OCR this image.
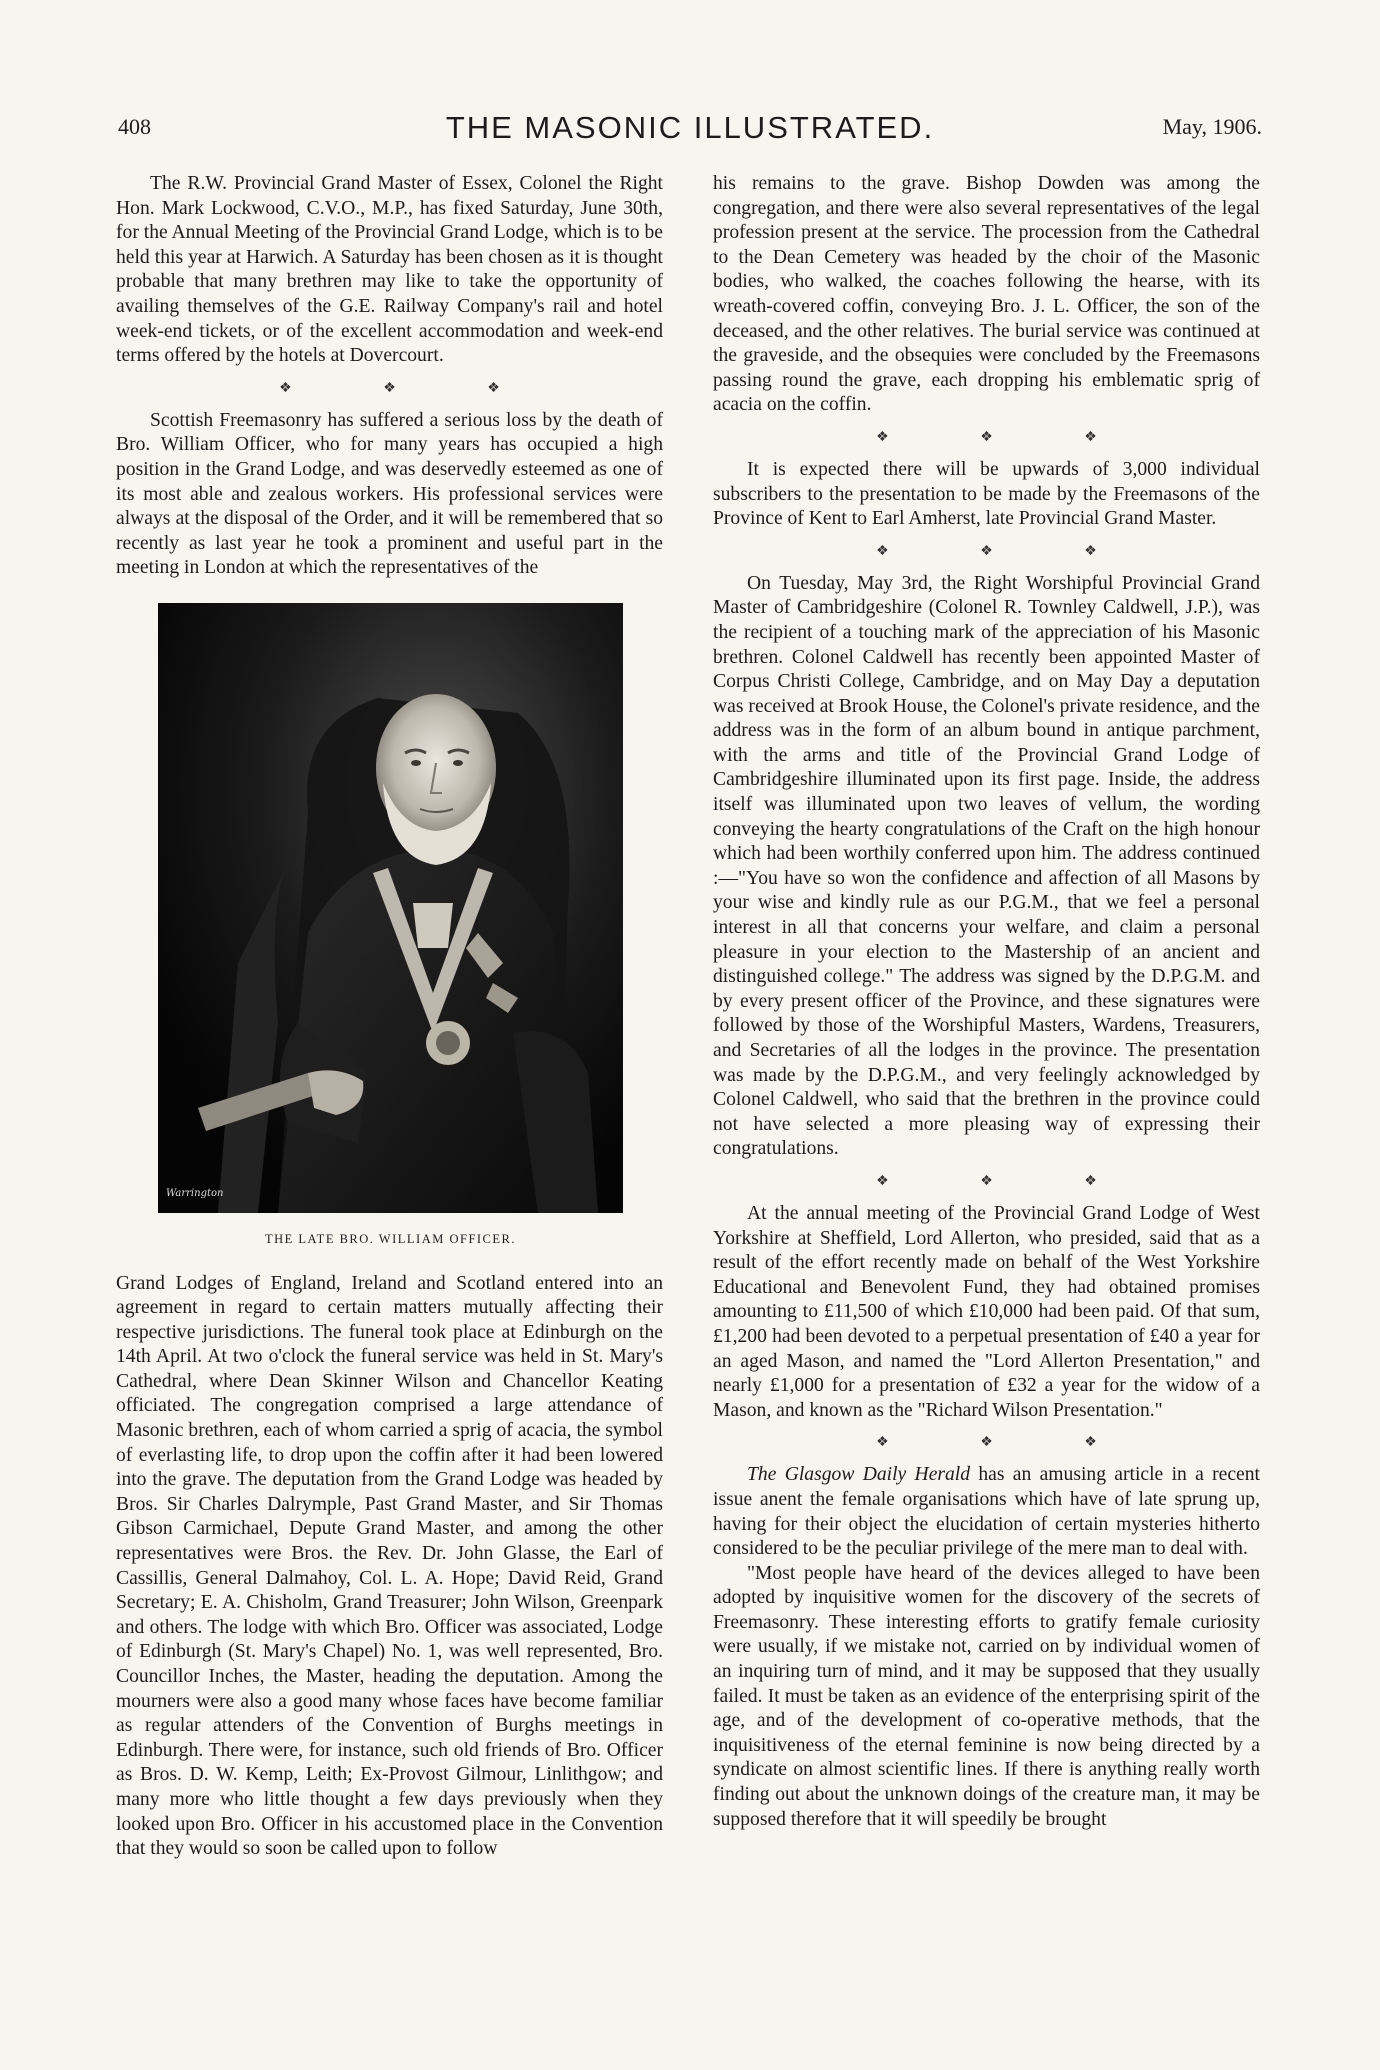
408	THE MASONIC ILLUSTRATED.	May, 1906.

The R.W. Provincial Grand Master of Essex, Colonel the Right Hon. Mark Lockwood, C.V.O., M.P., has fixed Saturday, June 30th, for the Annual Meeting of the Provincial Grand Lodge, which is to be held this year at Harwich. A Saturday has been chosen as it is thought probable that many brethren may like to take the opportunity of availing themselves of the G.E. Railway Company's rail and hotel week-end tickets, or of the excellent accommodation and week-end terms offered by the hotels at Dovercourt.

❖ ❖ ❖

Scottish Freemasonry has suffered a serious loss by the death of Bro. William Officer, who for many years has occupied a high position in the Grand Lodge, and was deservedly esteemed as one of its most able and zealous workers. His professional services were always at the disposal of the Order, and it will be remembered that so recently as last year he took a prominent and useful part in the meeting in London at which the representatives of the

Warrington
THE LATE BRO. WILLIAM OFFICER.

Grand Lodges of England, Ireland and Scotland entered into an agreement in regard to certain matters mutually affecting their respective jurisdictions. The funeral took place at Edinburgh on the 14th April. At two o'clock the funeral service was held in St. Mary's Cathedral, where Dean Skinner Wilson and Chancellor Keating officiated. The congregation comprised a large attendance of Masonic brethren, each of whom carried a sprig of acacia, the symbol of everlasting life, to drop upon the coffin after it had been lowered into the grave. The deputation from the Grand Lodge was headed by Bros. Sir Charles Dalrymple, Past Grand Master, and Sir Thomas Gibson Carmichael, Depute Grand Master, and among the other representatives were Bros. the Rev. Dr. John Glasse, the Earl of Cassillis, General Dalmahoy, Col. L. A. Hope; David Reid, Grand Secretary; E. A. Chisholm, Grand Treasurer; John Wilson, Greenpark and others. The lodge with which Bro. Officer was associated, Lodge of Edinburgh (St. Mary's Chapel) No. 1, was well represented, Bro. Councillor Inches, the Master, heading the deputation. Among the mourners were also a good many whose faces have become familiar as regular attenders of the Convention of Burghs meetings in Edinburgh. There were, for instance, such old friends of Bro. Officer as Bros. D. W. Kemp, Leith; Ex-Provost Gilmour, Linlithgow; and many more who little thought a few days previously when they looked upon Bro. Officer in his accustomed place in the Convention that they would so soon be called upon to follow

his remains to the grave. Bishop Dowden was among the congregation, and there were also several representatives of the legal profession present at the service. The procession from the Cathedral to the Dean Cemetery was headed by the choir of the Masonic bodies, who walked, the coaches following the hearse, with its wreath-covered coffin, conveying Bro. J. L. Officer, the son of the deceased, and the other relatives. The burial service was continued at the graveside, and the obsequies were concluded by the Freemasons passing round the grave, each dropping his emblematic sprig of acacia on the coffin.

❖ ❖ ❖

It is expected there will be upwards of 3,000 individual subscribers to the presentation to be made by the Freemasons of the Province of Kent to Earl Amherst, late Provincial Grand Master.

❖ ❖ ❖

On Tuesday, May 3rd, the Right Worshipful Provincial Grand Master of Cambridgeshire (Colonel R. Townley Caldwell, J.P.), was the recipient of a touching mark of the appreciation of his Masonic brethren. Colonel Caldwell has recently been appointed Master of Corpus Christi College, Cambridge, and on May Day a deputation was received at Brook House, the Colonel's private residence, and the address was in the form of an album bound in antique parchment, with the arms and title of the Provincial Grand Lodge of Cambridgeshire illuminated upon its first page. Inside, the address itself was illuminated upon two leaves of vellum, the wording conveying the hearty congratulations of the Craft on the high honour which had been worthily conferred upon him. The address continued :—"You have so won the confidence and affection of all Masons by your wise and kindly rule as our P.G.M., that we feel a personal interest in all that concerns your welfare, and claim a personal pleasure in your election to the Mastership of an ancient and distinguished college." The address was signed by the D.P.G.M. and by every present officer of the Province, and these signatures were followed by those of the Worshipful Masters, Wardens, Treasurers, and Secretaries of all the lodges in the province. The presentation was made by the D.P.G.M., and very feelingly acknowledged by Colonel Caldwell, who said that the brethren in the province could not have selected a more pleasing way of expressing their congratulations.

❖ ❖ ❖

At the annual meeting of the Provincial Grand Lodge of West Yorkshire at Sheffield, Lord Allerton, who presided, said that as a result of the effort recently made on behalf of the West Yorkshire Educational and Benevolent Fund, they had obtained promises amounting to £11,500 of which £10,000 had been paid. Of that sum, £1,200 had been devoted to a perpetual presentation of £40 a year for an aged Mason, and named the "Lord Allerton Presentation," and nearly £1,000 for a presentation of £32 a year for the widow of a Mason, and known as the "Richard Wilson Presentation."

❖ ❖ ❖

The Glasgow Daily Herald has an amusing article in a recent issue anent the female organisations which have of late sprung up, having for their object the elucidation of certain mysteries hitherto considered to be the peculiar privilege of the mere man to deal with.

"Most people have heard of the devices alleged to have been adopted by inquisitive women for the discovery of the secrets of Freemasonry. These interesting efforts to gratify female curiosity were usually, if we mistake not, carried on by individual women of an inquiring turn of mind, and it may be supposed that they usually failed. It must be taken as an evidence of the enterprising spirit of the age, and of the development of co-operative methods, that the inquisitiveness of the eternal feminine is now being directed by a syndicate on almost scientific lines. If there is anything really worth finding out about the unknown doings of the creature man, it may be supposed therefore that it will speedily be brought
